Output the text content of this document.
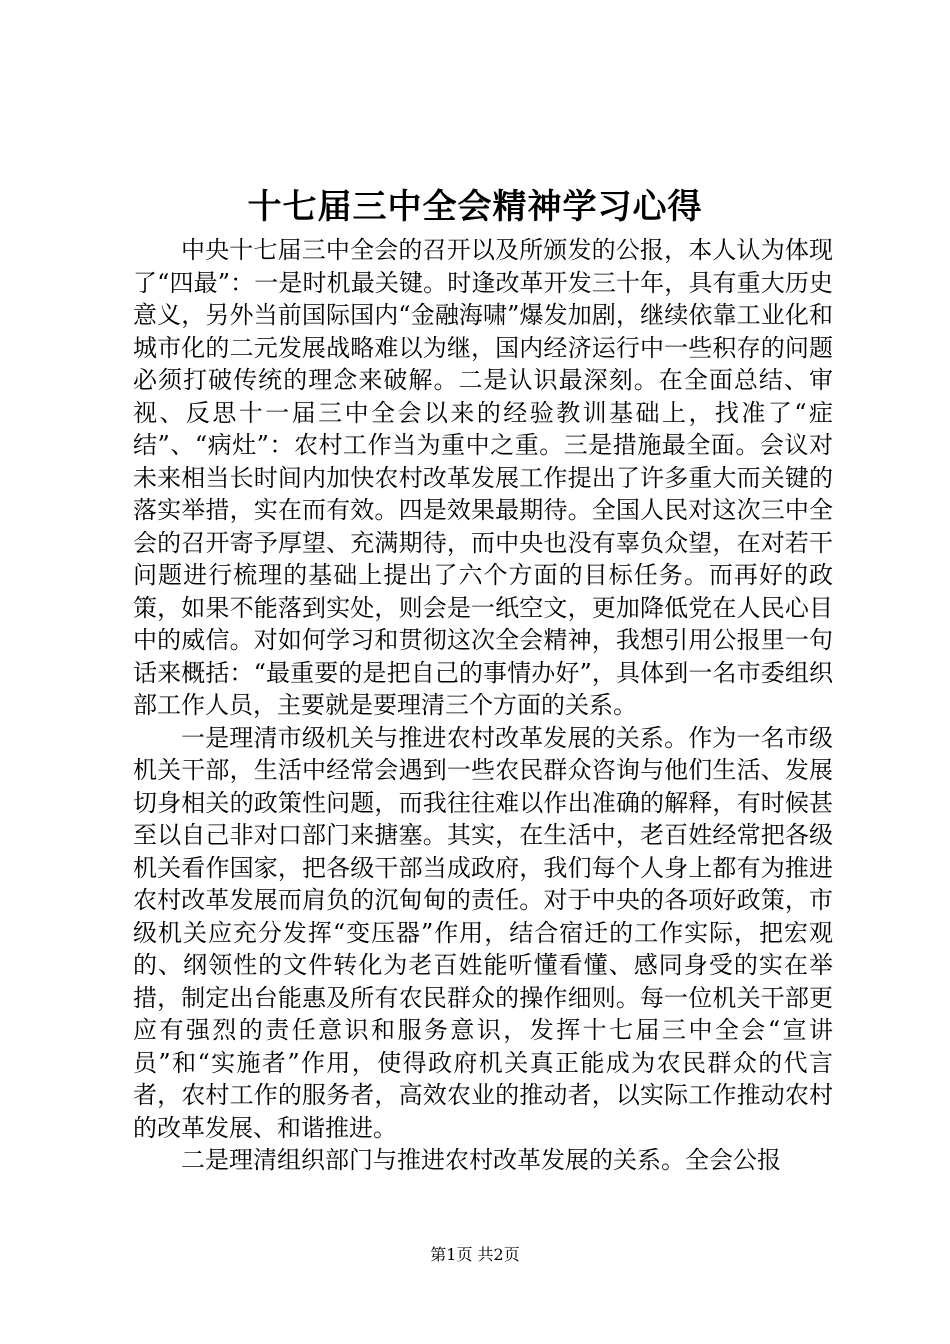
十七届三中全会精神学习心得

中央十七届三中全会的召开以及所颁发的公报，本人认为体现了“四最”：一是时机最关键。时逢改革开发三十年，具有重大历史意义，另外当前国际国内“金融海啸”爆发加剧，继续依靠工业化和城市化的二元发展战略难以为继，国内经济运行中一些积存的问题必须打破传统的理念来破解。二是认识最深刻。在全面总结、审视、反思十一届三中全会以来的经验教训基础上，找准了“症结”、“病灶”：农村工作当为重中之重。三是措施最全面。会议对未来相当长时间内加快农村改革发展工作提出了许多重大而关键的落实举措，实在而有效。四是效果最期待。全国人民对这次三中全会的召开寄予厚望、充满期待，而中央也没有辜负众望，在对若干问题进行梳理的基础上提出了六个方面的目标任务。而再好的政策，如果不能落到实处，则会是一纸空文，更加降低党在人民心目中的威信。对如何学习和贯彻这次全会精神，我想引用公报里一句话来概括：“最重要的是把自己的事情办好”，具体到一名市委组织部工作人员，主要就是要理清三个方面的关系。

一是理清市级机关与推进农村改革发展的关系。作为一名市级机关干部，生活中经常会遇到一些农民群众咨询与他们生活、发展切身相关的政策性问题，而我往往难以作出准确的解释，有时候甚至以自己非对口部门来搪塞。其实，在生活中，老百姓经常把各级机关看作国家，把各级干部当成政府，我们每个人身上都有为推进农村改革发展而肩负的沉甸甸的责任。对于中央的各项好政策，市级机关应充分发挥“变压器”作用，结合宿迁的工作实际，把宏观的、纲领性的文件转化为老百姓能听懂看懂、感同身受的实在举措，制定出台能惠及所有农民群众的操作细则。每一位机关干部更应有强烈的责任意识和服务意识，发挥十七届三中全会“宣讲员”和“实施者”作用，使得政府机关真正能成为农民群众的代言者，农村工作的服务者，高效农业的推动者，以实际工作推动农村的改革发展、和谐推进。

二是理清组织部门与推进农村改革发展的关系。全会公报

第1页 共2页
